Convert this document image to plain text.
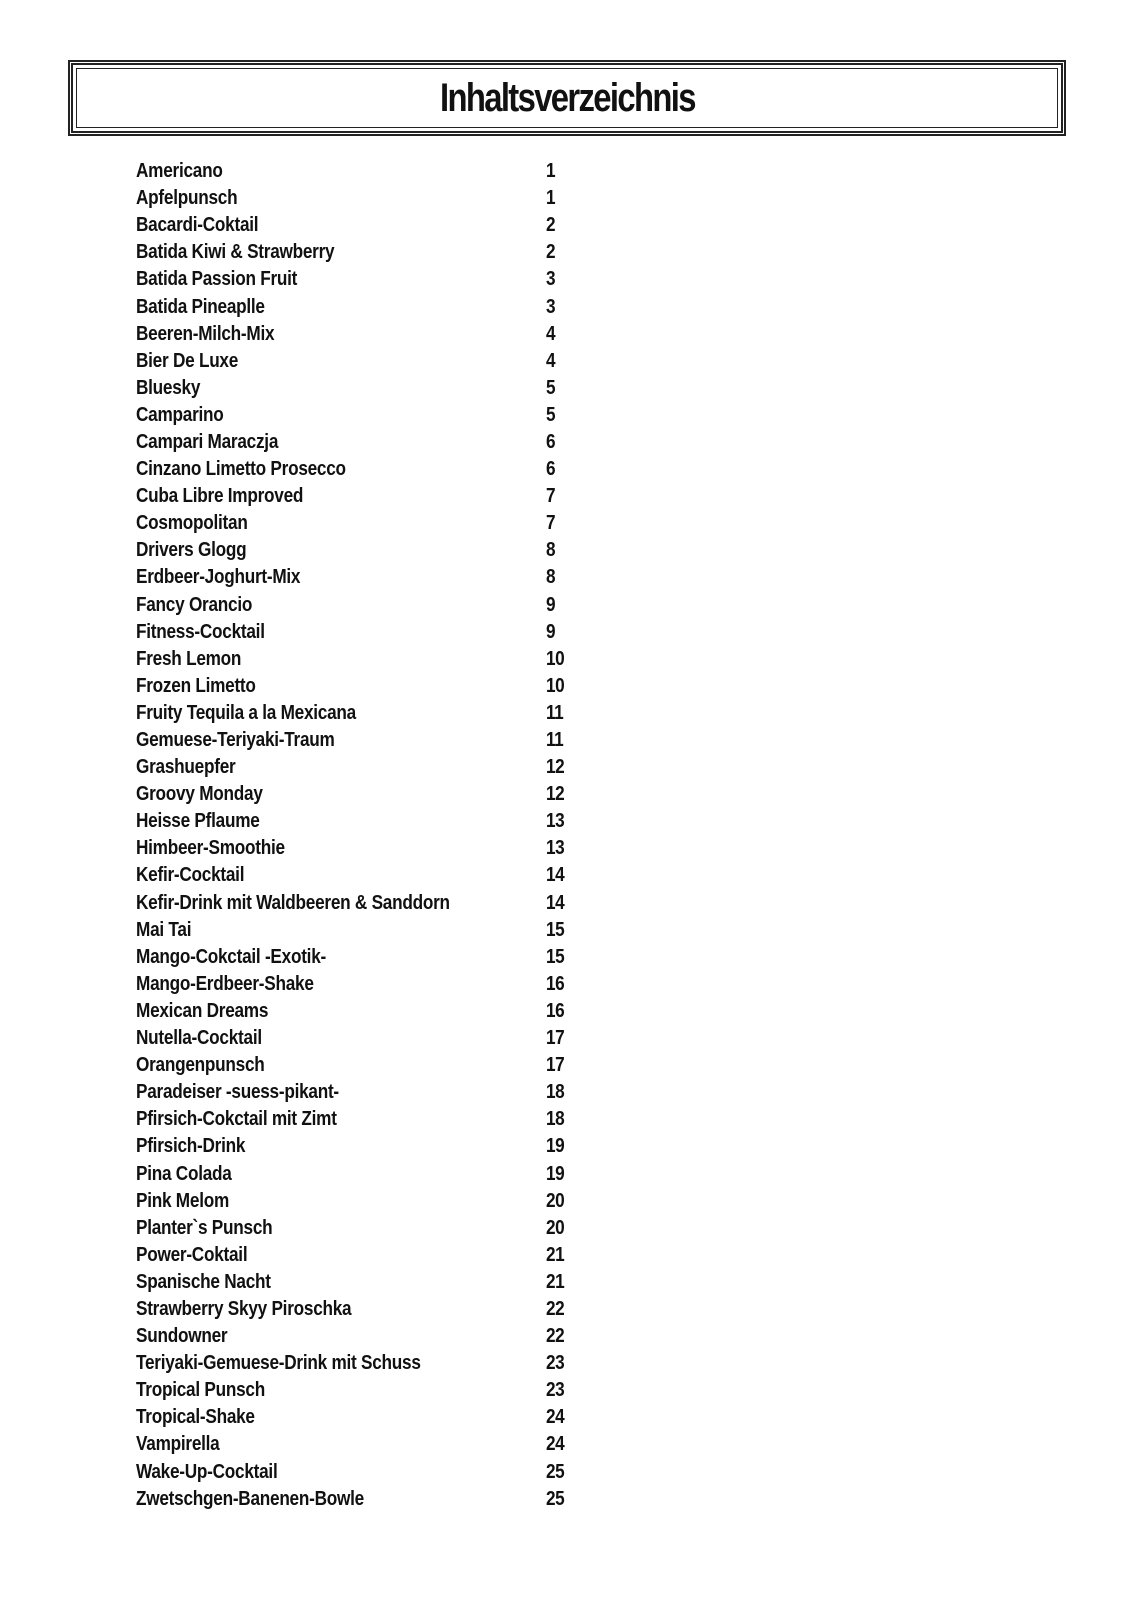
Inhaltsverzeichnis
Americano	1
Apfelpunsch	1
Bacardi-Coktail	2
Batida Kiwi & Strawberry	2
Batida Passion Fruit	3
Batida Pineaplle	3
Beeren-Milch-Mix	4
Bier De Luxe	4
Bluesky	5
Camparino	5
Campari Maraczja	6
Cinzano Limetto Prosecco	6
Cuba Libre Improved	7
Cosmopolitan	7
Drivers Glogg	8
Erdbeer-Joghurt-Mix	8
Fancy Orancio	9
Fitness-Cocktail	9
Fresh Lemon	10
Frozen Limetto	10
Fruity Tequila a la Mexicana	11
Gemuese-Teriyaki-Traum	11
Grashuepfer	12
Groovy Monday	12
Heisse Pflaume	13
Himbeer-Smoothie	13
Kefir-Cocktail	14
Kefir-Drink mit Waldbeeren & Sanddorn	14
Mai Tai	15
Mango-Cokctail -Exotik-	15
Mango-Erdbeer-Shake	16
Mexican Dreams	16
Nutella-Cocktail	17
Orangenpunsch	17
Paradeiser -suess-pikant-	18
Pfirsich-Cokctail mit Zimt	18
Pfirsich-Drink	19
Pina Colada	19
Pink Melom	20
Planter`s Punsch	20
Power-Coktail	21
Spanische Nacht	21
Strawberry Skyy Piroschka	22
Sundowner	22
Teriyaki-Gemuese-Drink mit Schuss	23
Tropical Punsch	23
Tropical-Shake	24
Vampirella	24
Wake-Up-Cocktail	25
Zwetschgen-Banenen-Bowle	25
